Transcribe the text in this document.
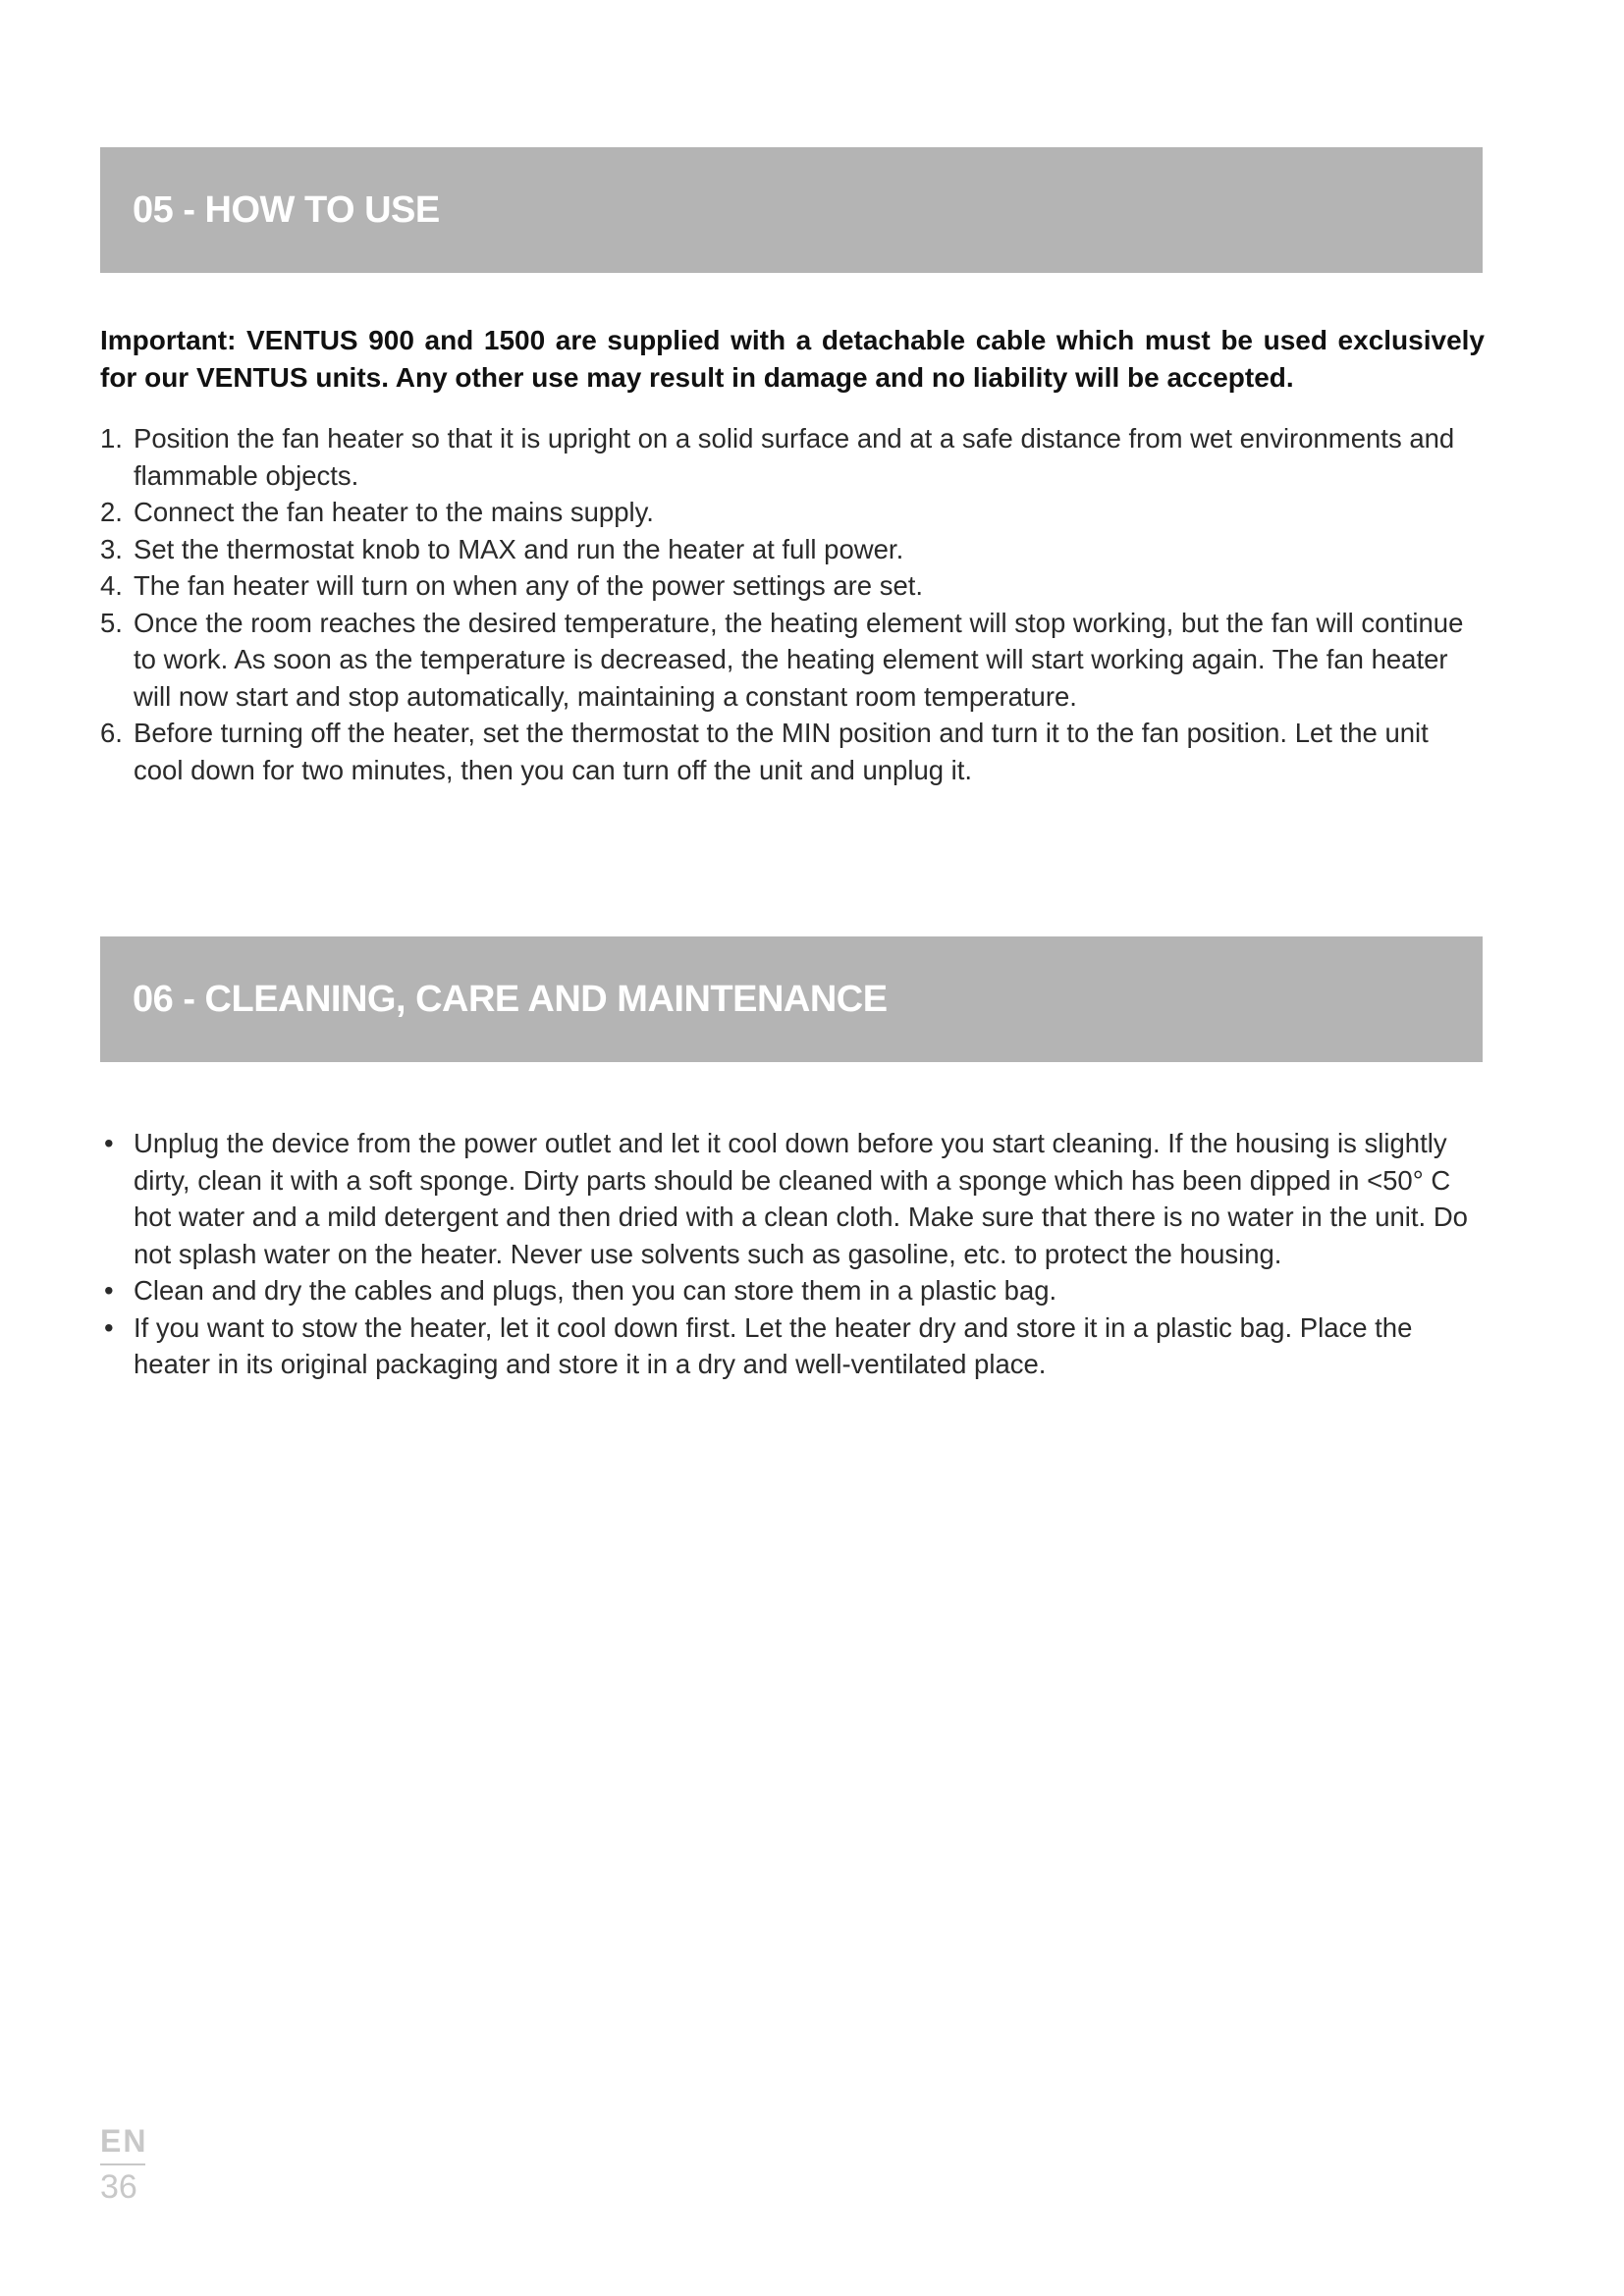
05 - HOW TO USE

Important: VENTUS 900 and 1500 are supplied with a detachable cable which must be used exclusively for our VENTUS units. Any other use may result in damage and no liability will be accepted.

1. Position the fan heater so that it is upright on a solid surface and at a safe distance from wet environments and flammable objects.
2. Connect the fan heater to the mains supply.
3. Set the thermostat knob to MAX and run the heater at full power.
4. The fan heater will turn on when any of the power settings are set.
5. Once the room reaches the desired temperature, the heating element will stop working, but the fan will continue to work. As soon as the temperature is decreased, the heating element will start working again. The fan heater will now start and stop automatically, maintaining a constant room temperature.
6. Before turning off the heater, set the thermostat to the MIN position and turn it to the fan position. Let the unit cool down for two minutes, then you can turn off the unit and unplug it.
06 - CLEANING, CARE AND MAINTENANCE
• Unplug the device from the power outlet and let it cool down before you start cleaning. If the housing is slightly dirty, clean it with a soft sponge. Dirty parts should be cleaned with a sponge which has been dipped in <50° C hot water and a mild detergent and then dried with a clean cloth. Make sure that there is no water in the unit. Do not splash water on the heater. Never use solvents such as gasoline, etc. to protect the housing.
• Clean and dry the cables and plugs, then you can store them in a plastic bag.
• If you want to stow the heater, let it cool down first. Let the heater dry and store it in a plastic bag. Place the heater in its original packaging and store it in a dry and well-ventilated place.
EN
36
